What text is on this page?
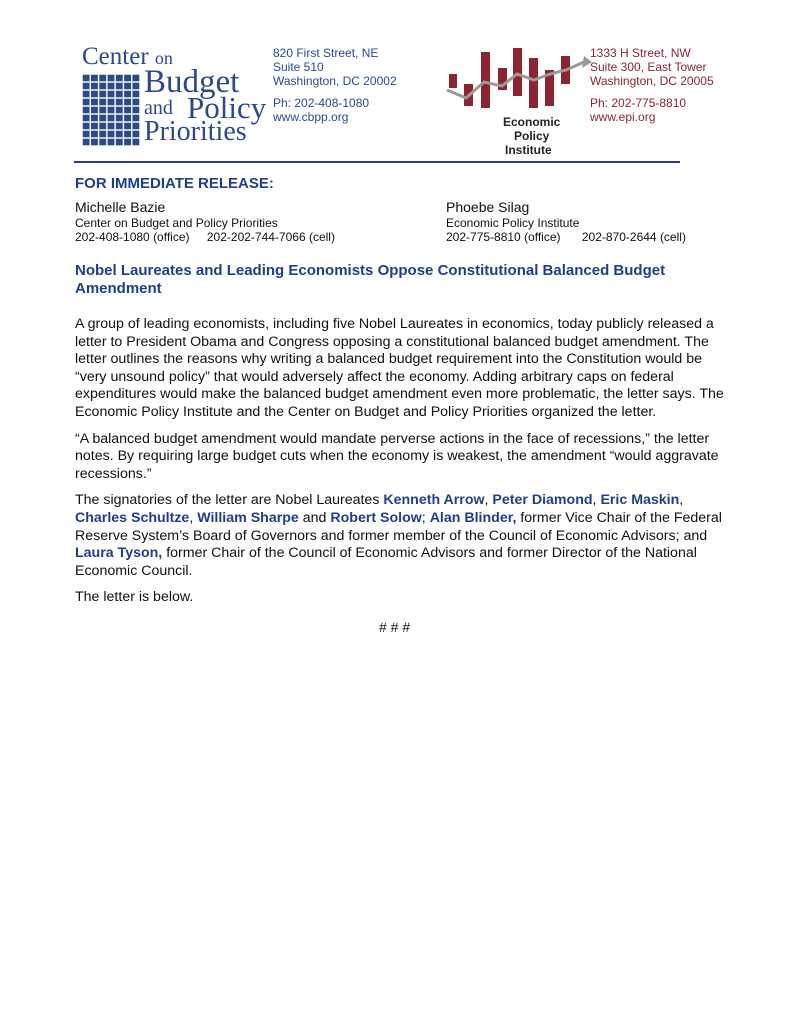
Center on
Budget
and Policy
Priorities
820 First Street, NE
Suite 510
Washington, DC 20002
Ph: 202-408-1080
www.cbpp.org	Economic
Policy
Institute
1333 H Street, NW
Suite 300, East Tower
Washington, DC 20005
Ph: 202-775-8810
www.epi.org
FOR IMMEDIATE RELEASE:
Michelle Bazie
Center on Budget and Policy Priorities
202-408-1080 (office) 202-202-744-7066 (cell)
Phoebe Silag
Economic Policy Institute
202-775-8810 (office) 202-870-2644 (cell)
Nobel Laureates and Leading Economists Oppose Constitutional Balanced Budget Amendment

A group of leading economists, including five Nobel Laureates in economics, today publicly released a letter to President Obama and Congress opposing a constitutional balanced budget amendment. The letter outlines the reasons why writing a balanced budget requirement into the Constitution would be “very unsound policy” that would adversely affect the economy. Adding arbitrary caps on federal expenditures would make the balanced budget amendment even more problematic, the letter says. The Economic Policy Institute and the Center on Budget and Policy Priorities organized the letter.

“A balanced budget amendment would mandate perverse actions in the face of recessions,” the letter notes. By requiring large budget cuts when the economy is weakest, the amendment “would aggravate recessions.”

The signatories of the letter are Nobel Laureates Kenneth Arrow, Peter Diamond, Eric Maskin, Charles Schultze, William Sharpe and Robert Solow; Alan Blinder, former Vice Chair of the Federal Reserve System’s Board of Governors and former member of the Council of Economic Advisors; and Laura Tyson, former Chair of the Council of Economic Advisors and former Director of the National Economic Council.

The letter is below.

# # #
